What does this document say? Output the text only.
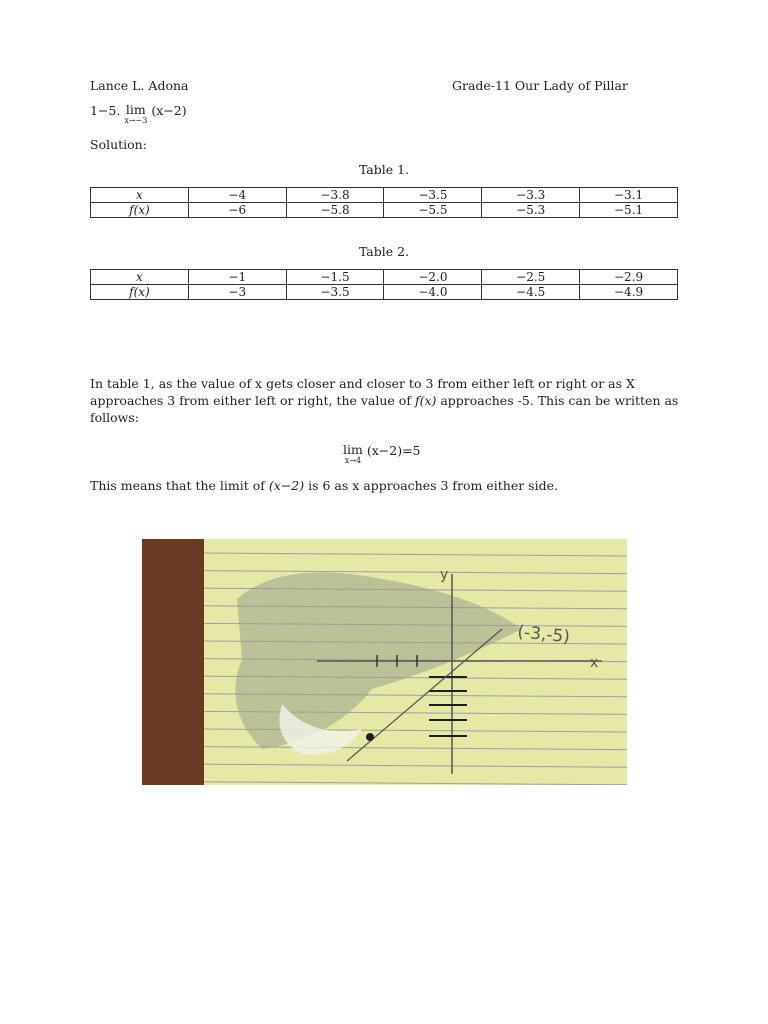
Lance L. Adona	Grade-11 Our Lady of Pillar
1−5. lim
x→−3
(x−2)
Solution:
Table 1.
x	−4	−3.8	−3.5	−3.3	−3.1
f(x)	−6	−5.8	−5.5	−5.3	−5.1
Table 2.
x	−1	−1.5	−2.0	−2.5	−2.9
f(x)	−3	−3.5	−4.0	−4.5	−4.9
In table 1, as the value of x gets closer and closer to 3 from either left or right or as X approaches 3 from either left or right, the value of f(x) approaches -5. This can be written as follows:
lim
x→4
(x−2)=5
This means that the limit of (x−2) is 6 as x approaches 3 from either side.
x
y
(-3,-5)
